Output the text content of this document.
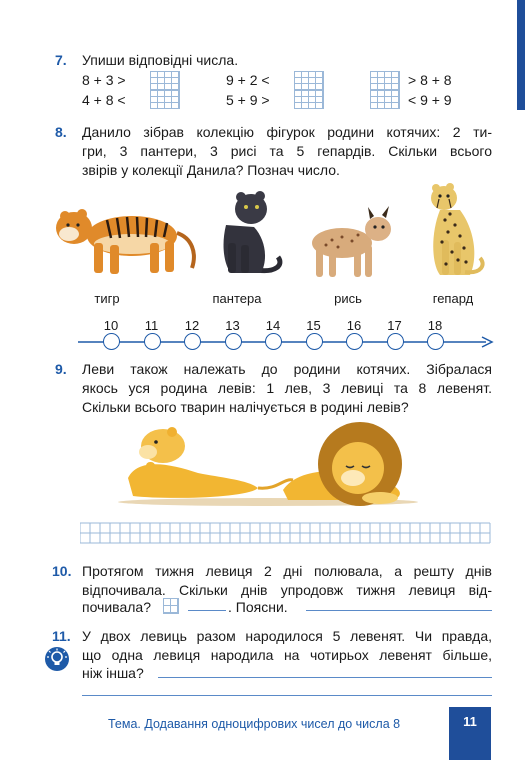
7. Упиши відповідні числа.
8 + 3 >	9 + 2 <	> 8 + 8
4 + 8 <	5 + 9 >	< 9 + 9
8. Данило зібрав колекцію фігурок родини котячих: 2 ти-
гри, 3 пантери, 3 рисі та 5 гепардів. Скільки всього
звірів у колекції Данила? Познач число.
тигр	пантера	рись	гепард
10	11	12	13	14	15	16	17	18
9. Леви також належать до родини котячих. Зібралася
якось уся родина левів: 1 лев, 3 левиці та 8 левенят.
Скільки всього тварин налічується в родині левів?
10. Протягом тижня левиця 2 дні полювала, а решту днів
відпочивала. Скільки днів упродовж тижня левиця від-
почивала?	. Поясни.
11. У двох левиць разом народилося 5 левенят. Чи правда,
що одна левиця народила на чотирьох левенят більше,
ніж інша?
Тема. Додавання одноцифрових чисел до числа 8	11
